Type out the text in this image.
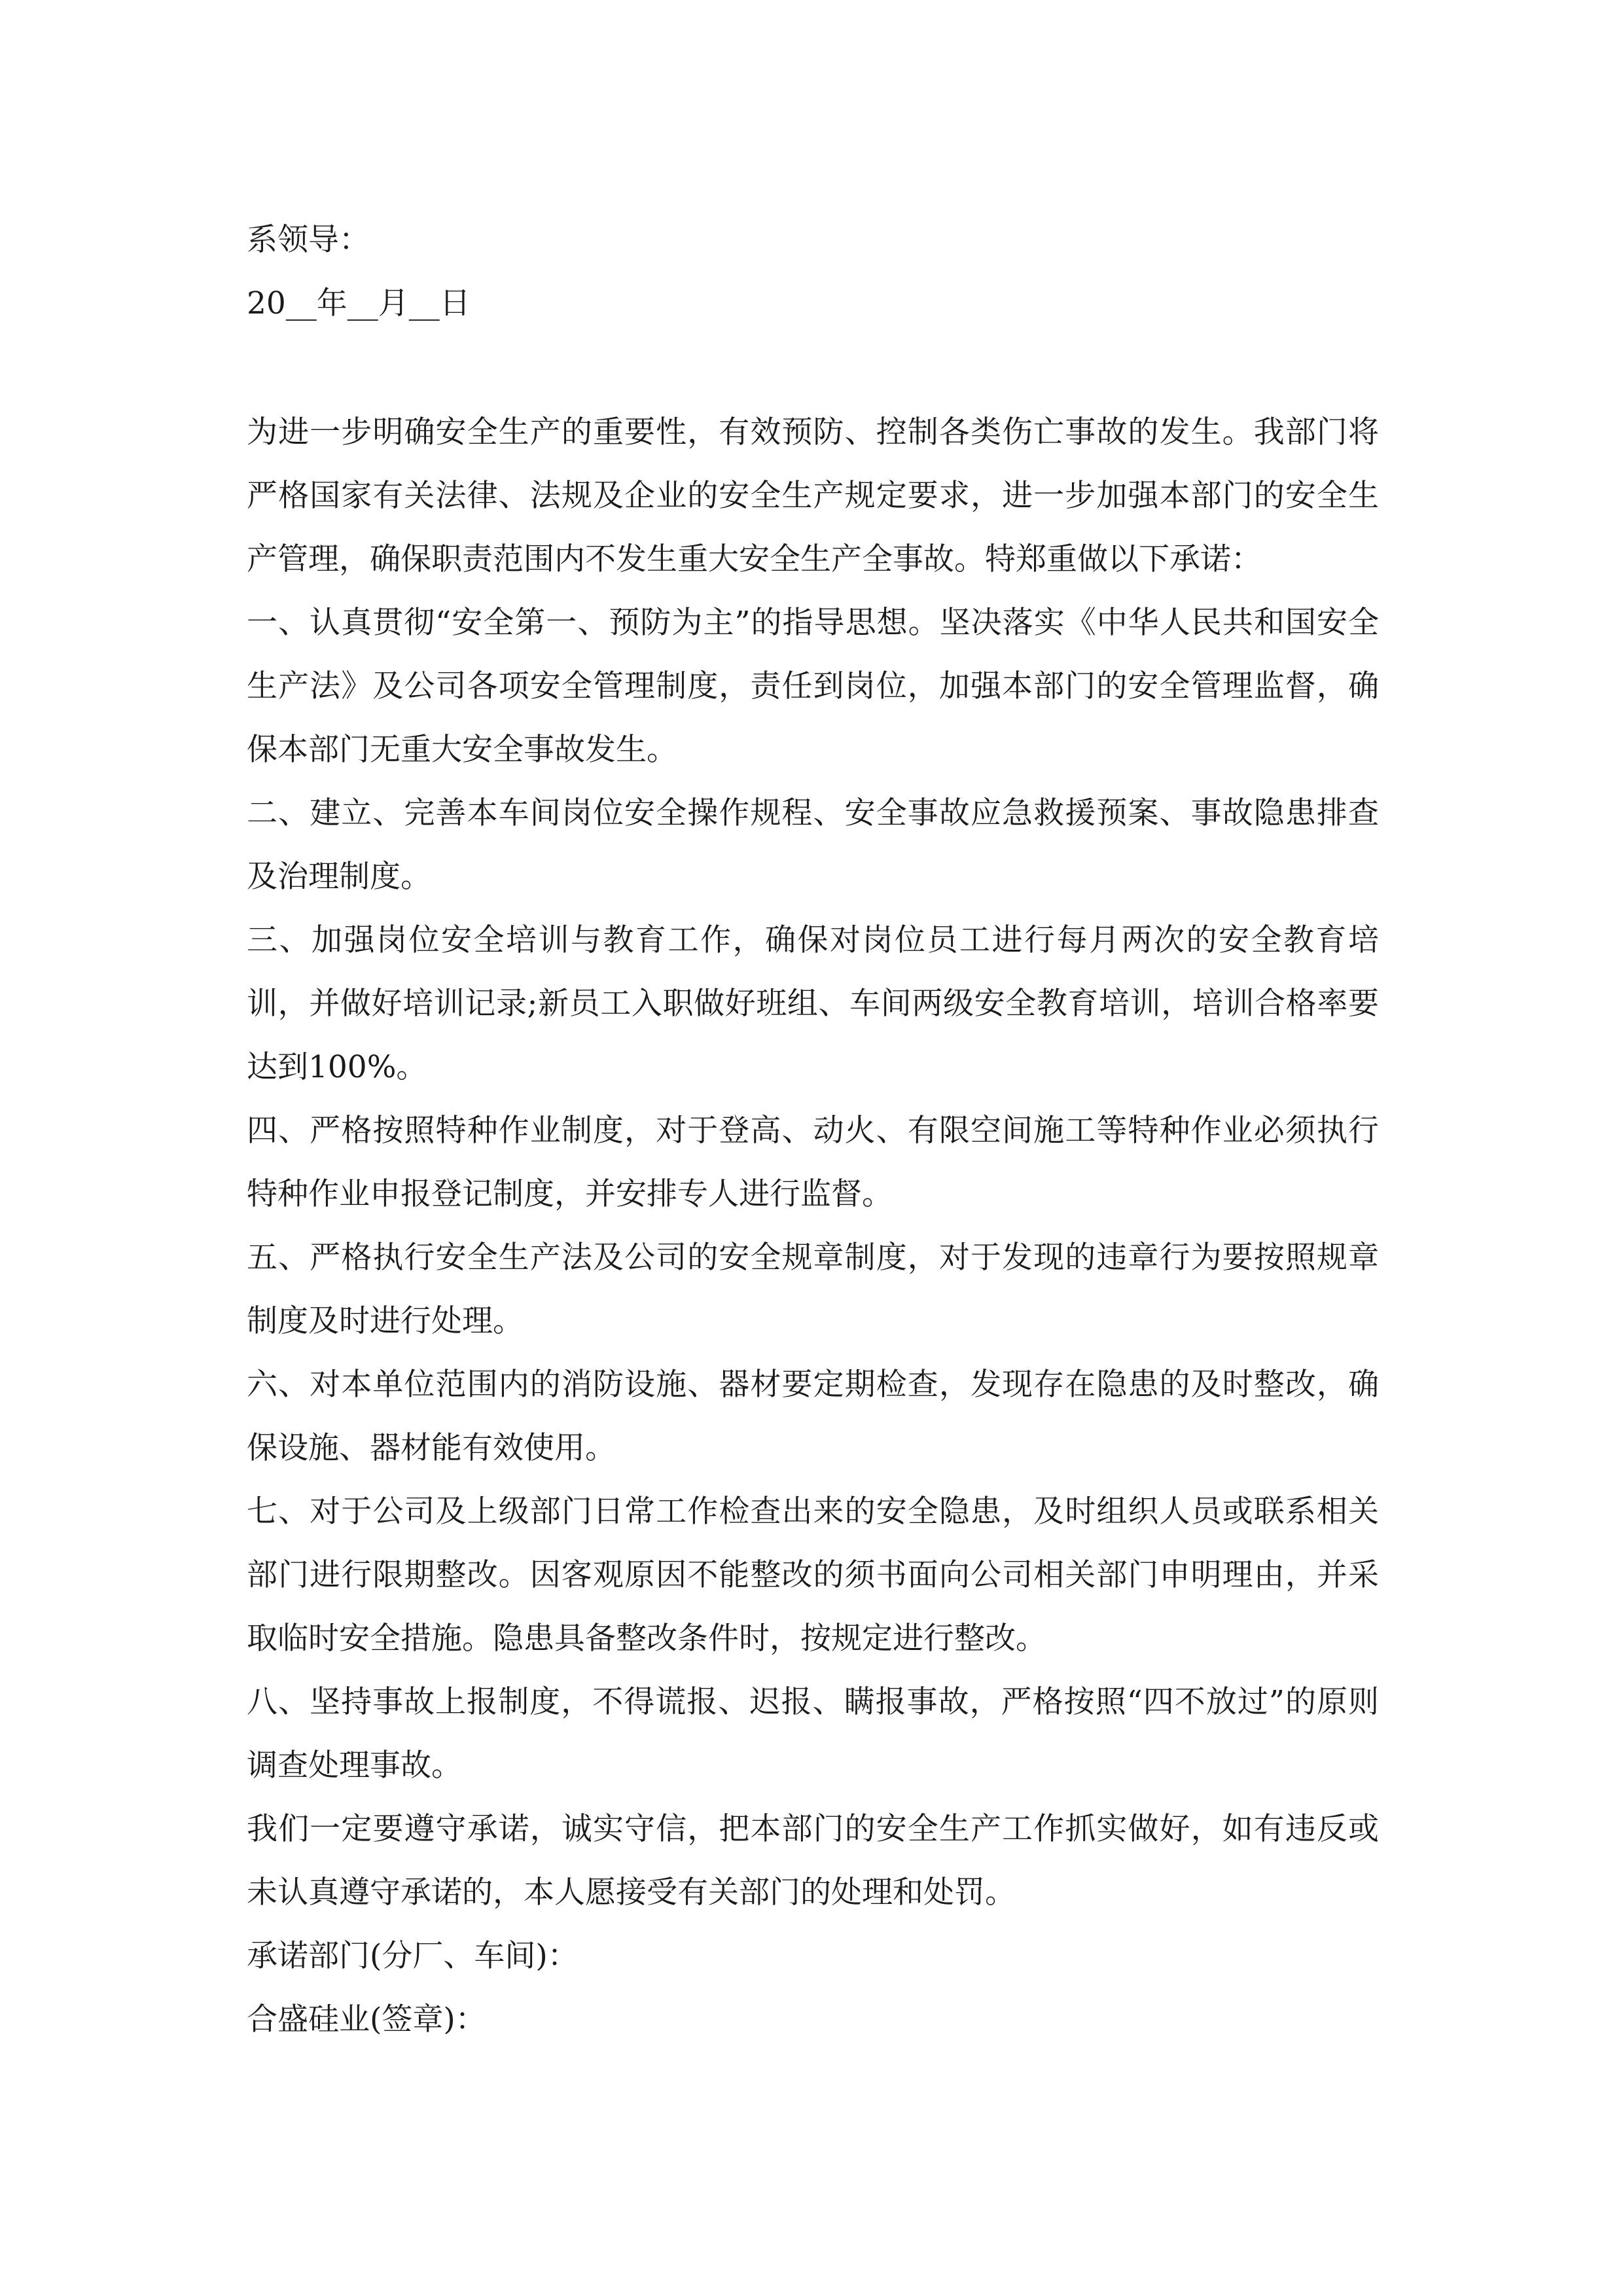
系领导：
20__年__月__日
为进一步明确安全生产的重要性，有效预防、控制各类伤亡事故的发生。我部门将严格国家有关法律、法规及企业的安全生产规定要求，进一步加强本部门的安全生产管理，确保职责范围内不发生重大安全生产全事故。特郑重做以下承诺：
一、认真贯彻“安全第一、预防为主”的指导思想。坚决落实《中华人民共和国安全生产法》及公司各项安全管理制度，责任到岗位，加强本部门的安全管理监督，确保本部门无重大安全事故发生。
二、建立、完善本车间岗位安全操作规程、安全事故应急救援预案、事故隐患排查及治理制度。
三、加强岗位安全培训与教育工作，确保对岗位员工进行每月两次的安全教育培训，并做好培训记录;新员工入职做好班组、车间两级安全教育培训，培训合格率要达到100%。
四、严格按照特种作业制度，对于登高、动火、有限空间施工等特种作业必须执行特种作业申报登记制度，并安排专人进行监督。
五、严格执行安全生产法及公司的安全规章制度，对于发现的违章行为要按照规章制度及时进行处理。
六、对本单位范围内的消防设施、器材要定期检查，发现存在隐患的及时整改，确保设施、器材能有效使用。
七、对于公司及上级部门日常工作检查出来的安全隐患，及时组织人员或联系相关部门进行限期整改。因客观原因不能整改的须书面向公司相关部门申明理由，并采取临时安全措施。隐患具备整改条件时，按规定进行整改。
八、坚持事故上报制度，不得谎报、迟报、瞒报事故，严格按照“四不放过”的原则调查处理事故。
我们一定要遵守承诺，诚实守信，把本部门的安全生产工作抓实做好，如有违反或未认真遵守承诺的，本人愿接受有关部门的处理和处罚。
承诺部门(分厂、车间)：
合盛硅业(签章)：
